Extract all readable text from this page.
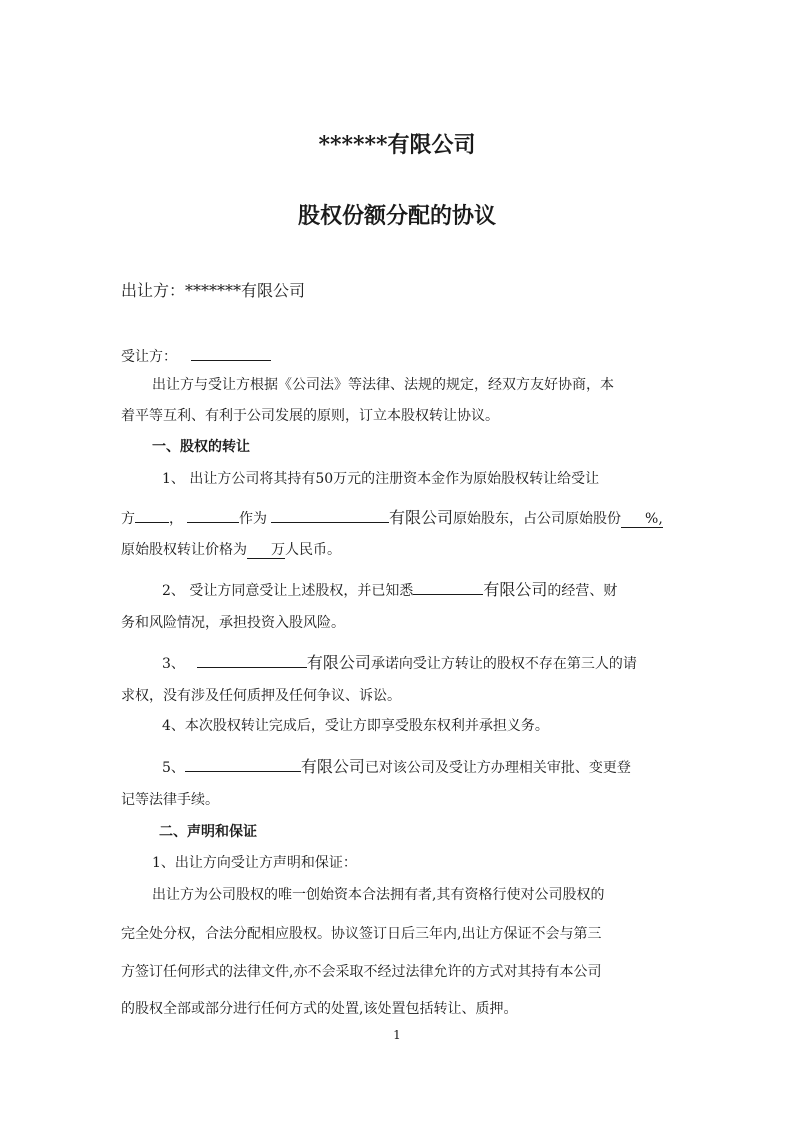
******有限公司
股权份额分配的协议
出让方：*******有限公司
受让方：
出让方与受让方根据《公司法》等法律、法规的规定，经双方友好协商，本
着平等互利、有利于公司发展的原则，订立本股权转让协议。
一、股权的转让
1、 出让方公司将其持有50万元的注册资本金作为原始股权转让给受让
方 ，	作为	有限公司原始股东，占公司原始股份 %,
原始股权转让价格为 万人民币。
2、 受让方同意受让上述股权，并已知悉	有限公司的经营、财
务和风险情况，承担投资入股风险。
3、	有限公司承诺向受让方转让的股权不存在第三人的请
求权，没有涉及任何质押及任何争议、诉讼。
4、本次股权转让完成后，受让方即享受股东权利并承担义务。
5、	有限公司已对该公司及受让方办理相关审批、变更登
记等法律手续。
二、声明和保证
1、出让方向受让方声明和保证：
出让方为公司股权的唯一创始资本合法拥有者,其有资格行使对公司股权的
完全处分权，合法分配相应股权。协议签订日后三年内,出让方保证不会与第三
方签订任何形式的法律文件,亦不会采取不经过法律允许的方式对其持有本公司
的股权全部或部分进行任何方式的处置,该处置包括转让、质押。
1
